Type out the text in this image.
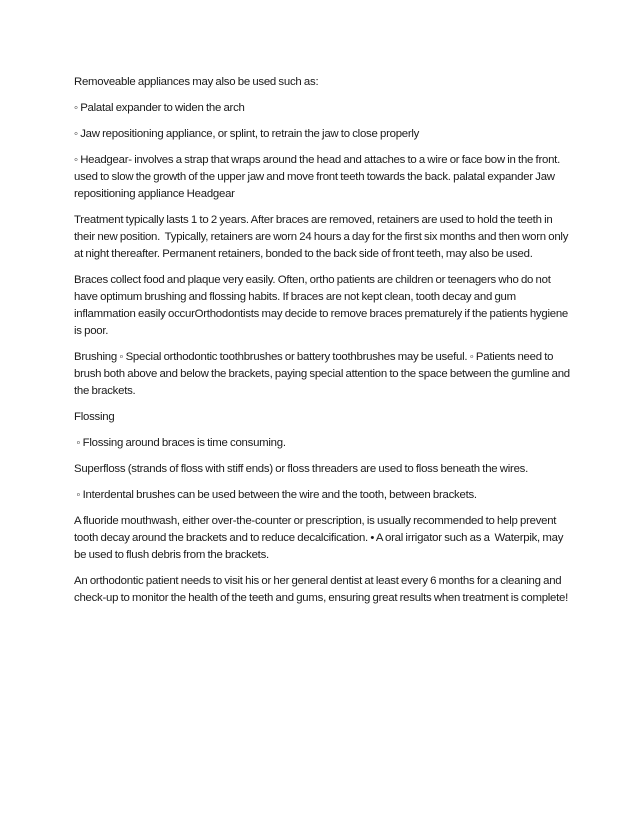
Removeable appliances may also be used such as:

◦ Palatal expander to widen the arch

◦ Jaw repositioning appliance, or splint, to retrain the jaw to close properly

◦ Headgear- involves a strap that wraps around the head and attaches to a wire or face bow in the front. used to slow the growth of the upper jaw and move front teeth towards the back. palatal expander Jaw repositioning appliance Headgear

Treatment typically lasts 1 to 2 years. After braces are removed, retainers are used to hold the teeth in their new position.  Typically, retainers are worn 24 hours a day for the first six months and then worn only at night thereafter. Permanent retainers, bonded to the back side of front teeth, may also be used.

Braces collect food and plaque very easily. Often, ortho patients are children or teenagers who do not have optimum brushing and flossing habits. If braces are not kept clean, tooth decay and gum inflammation easily occurOrthodontists may decide to remove braces prematurely if the patients hygiene is poor.

Brushing ◦ Special orthodontic toothbrushes or battery toothbrushes may be useful. ◦ Patients need to brush both above and below the brackets, paying special attention to the space between the gumline and the brackets.

Flossing

◦ Flossing around braces is time consuming.

Superfloss (strands of floss with stiff ends) or floss threaders are used to floss beneath the wires.

◦ Interdental brushes can be used between the wire and the tooth, between brackets.

A fluoride mouthwash, either over-the-counter or prescription, is usually recommended to help prevent tooth decay around the brackets and to reduce decalcification. • A oral irrigator such as a  Waterpik, may be used to flush debris from the brackets.

An orthodontic patient needs to visit his or her general dentist at least every 6 months for a cleaning and check-up to monitor the health of the teeth and gums, ensuring great results when treatment is complete!
